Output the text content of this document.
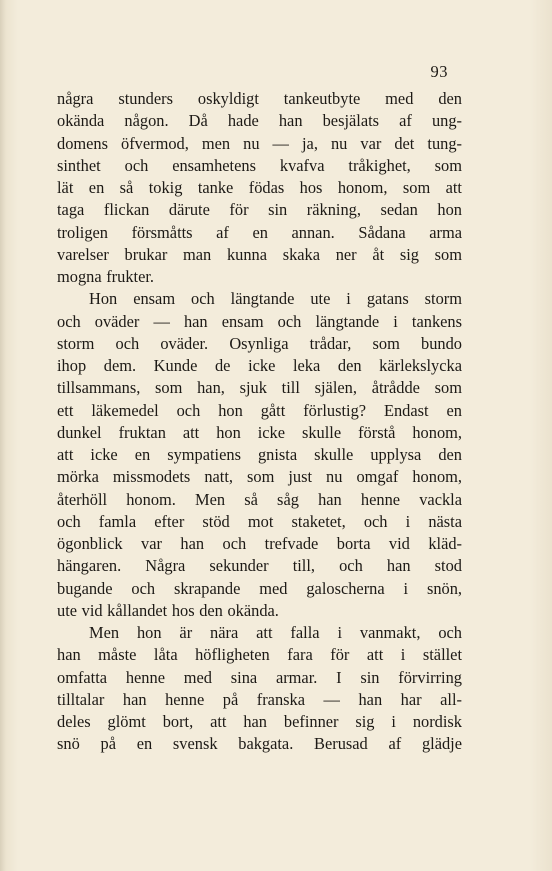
93
några stunders oskyldigt tankeutbyte med den
okända någon. Då hade han besjälats af ung-
domens öfvermod, men nu — ja, nu var det tung-
sinthet och ensamhetens kvafva tråkighet, som
lät en så tokig tanke födas hos honom, som att
taga flickan därute för sin räkning, sedan hon
troligen försmåtts af en annan. Sådana arma
varelser brukar man kunna skaka ner åt sig som
mogna frukter.
Hon ensam och längtande ute i gatans storm
och oväder — han ensam och längtande i tankens
storm och oväder. Osynliga trådar, som bundo
ihop dem. Kunde de icke leka den kärlekslycka
tillsammans, som han, sjuk till själen, åtrådde som
ett läkemedel och hon gått förlustig? Endast en
dunkel fruktan att hon icke skulle förstå honom,
att icke en sympatiens gnista skulle upplysa den
mörka missmodets natt, som just nu omgaf honom,
återhöll honom. Men så såg han henne vackla
och famla efter stöd mot staketet, och i nästa
ögonblick var han och trefvade borta vid kläd-
hängaren. Några sekunder till, och han stod
bugande och skrapande med galoscherna i snön,
ute vid kållandet hos den okända.
Men hon är nära att falla i vanmakt, och
han måste låta höfligheten fara för att i stället
omfatta henne med sina armar. I sin förvirring
tilltalar han henne på franska — han har all-
deles glömt bort, att han befinner sig i nordisk
snö på en svensk bakgata. Berusad af glädje
